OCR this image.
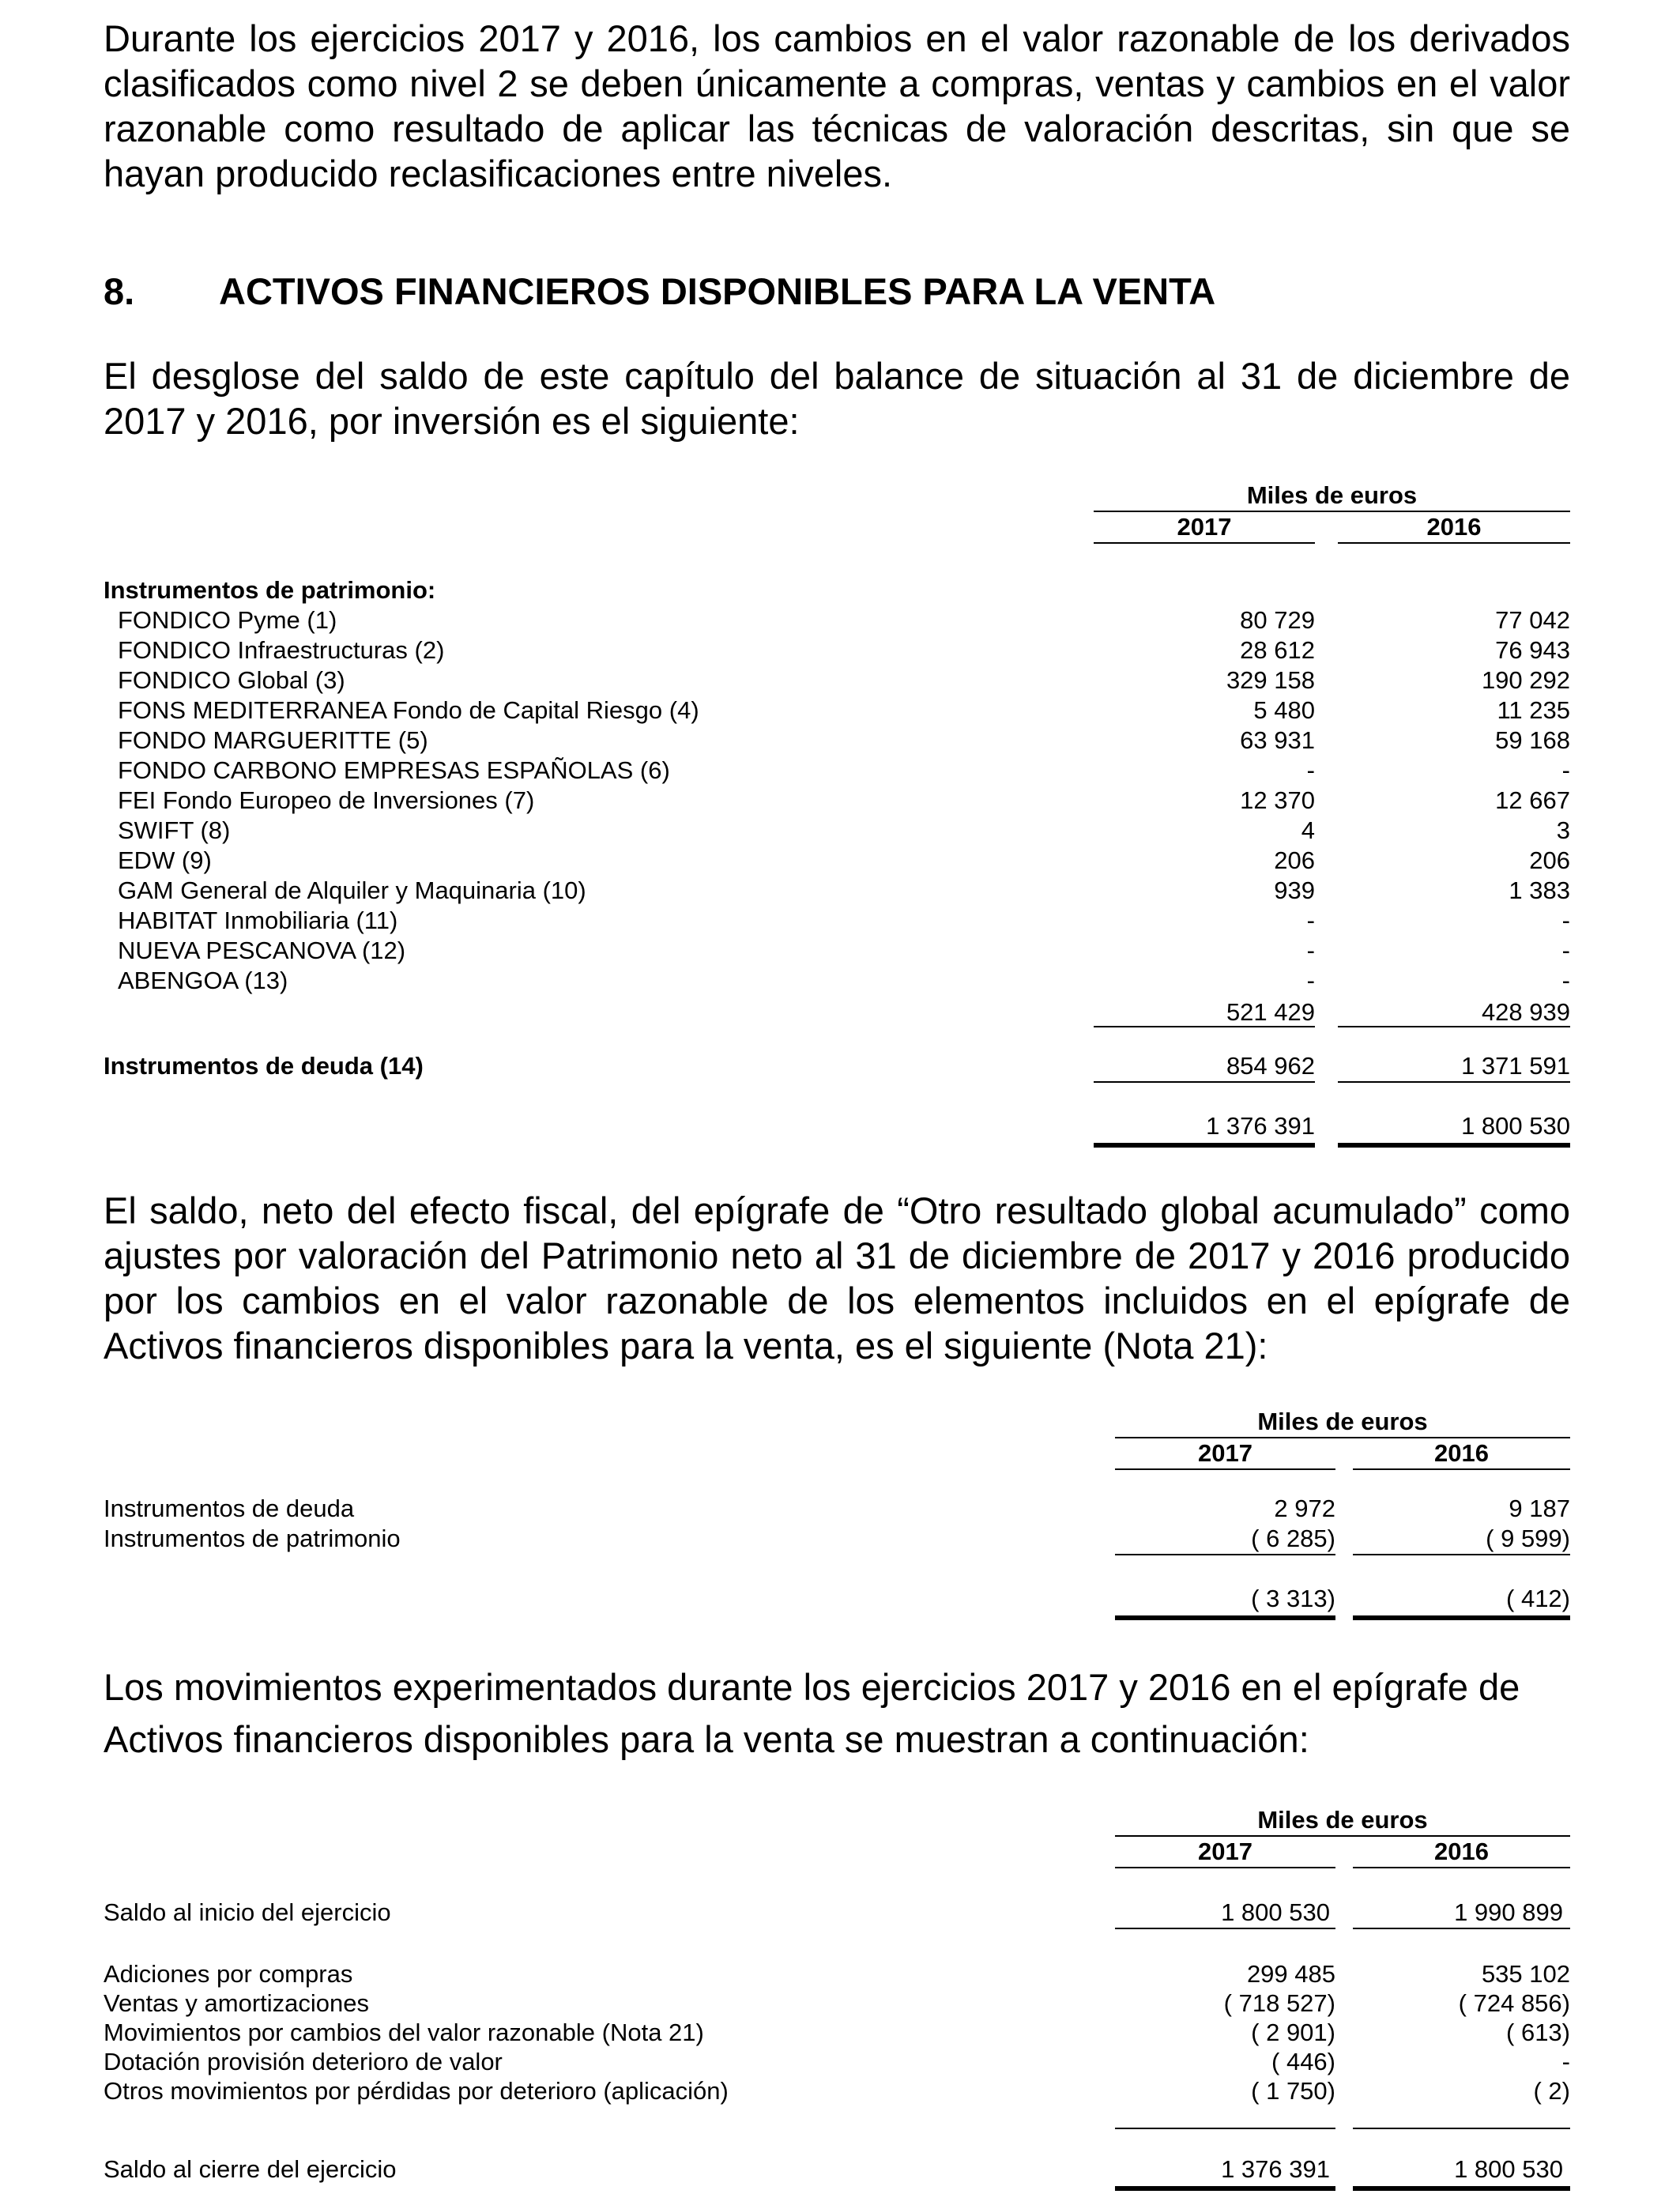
Durante los ejercicios 2017 y 2016, los cambios en el valor razonable de los derivados clasificados como nivel 2 se deben únicamente a compras, ventas y cambios en el valor razonable como resultado de aplicar las técnicas de valoración descritas, sin que se hayan producido reclasificaciones entre niveles.

8. ACTIVOS FINANCIEROS DISPONIBLES PARA LA VENTA

El desglose del saldo de este capítulo del balance de situación al 31 de diciembre de 2017 y 2016, por inversión es el siguiente:

Miles de euros
2017	2016
Instrumentos de patrimonio:
FONDICO Pyme (1)	80 729	77 042
FONDICO Infraestructuras (2)	28 612	76 943
FONDICO Global (3)	329 158	190 292
FONS MEDITERRANEA Fondo de Capital Riesgo (4)	5 480	11 235
FONDO MARGUERITTE (5)	63 931	59 168
FONDO CARBONO EMPRESAS ESPAÑOLAS (6)	-	-
FEI Fondo Europeo de Inversiones (7)	12 370	12 667
SWIFT (8)	4	3
EDW (9)	206	206
GAM General de Alquiler y Maquinaria (10)	939	1 383
HABITAT Inmobiliaria (11)	-	-
NUEVA PESCANOVA (12)	-	-
ABENGOA (13)	-	-
521 429	428 939
Instrumentos de deuda (14)	854 962	1 371 591
1 376 391	1 800 530

El saldo, neto del efecto fiscal, del epígrafe de “Otro resultado global acumulado” como ajustes por valoración del Patrimonio neto al 31 de diciembre de 2017 y 2016 producido por los cambios en el valor razonable de los elementos incluidos en el epígrafe de Activos financieros disponibles para la venta, es el siguiente (Nota 21):

Miles de euros
2017	2016
Instrumentos de deuda	2 972	9 187
Instrumentos de patrimonio	( 6 285)	( 9 599)
( 3 313)	( 412)

Los movimientos experimentados durante los ejercicios 2017 y 2016 en el epígrafe de Activos financieros disponibles para la venta se muestran a continuación:

Miles de euros
2017	2016
Saldo al inicio del ejercicio	1 800 530	1 990 899
Adiciones por compras	299 485	535 102
Ventas y amortizaciones	( 718 527)	( 724 856)
Movimientos por cambios del valor razonable (Nota 21)	( 2 901)	( 613)
Dotación provisión deterioro de valor	( 446)	-
Otros movimientos por pérdidas por deterioro (aplicación)	( 1 750)	( 2)
Saldo al cierre del ejercicio	1 376 391	1 800 530
